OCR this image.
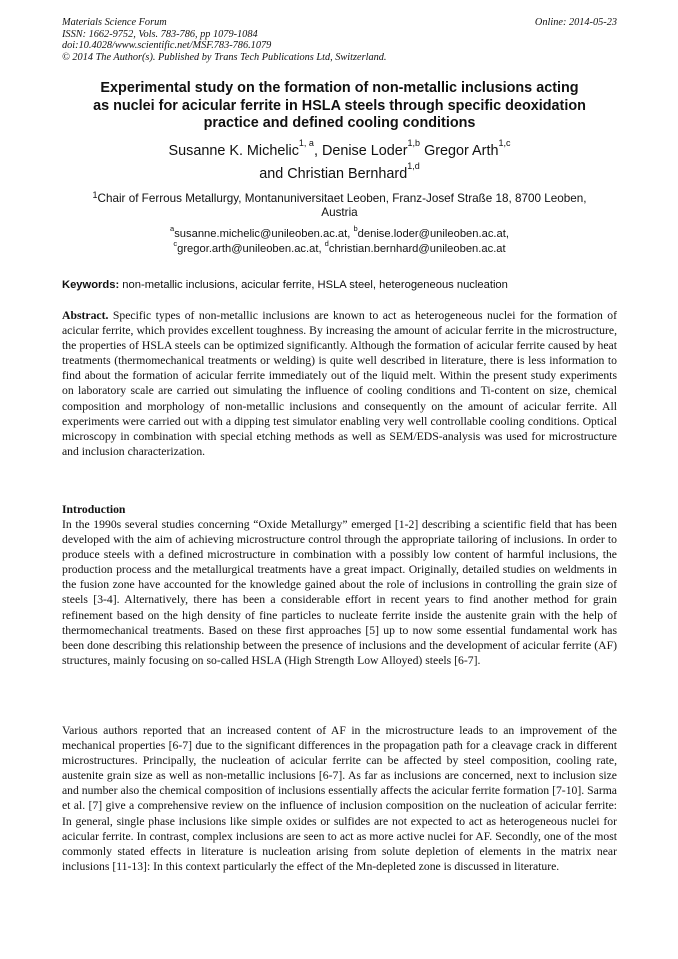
Materials Science Forum	Online: 2014-05-23
ISSN: 1662-9752, Vols. 783-786, pp 1079-1084
doi:10.4028/www.scientific.net/MSF.783-786.1079
© 2014 The Author(s). Published by Trans Tech Publications Ltd, Switzerland.
Experimental study on the formation of non-metallic inclusions acting
as nuclei for acicular ferrite in HSLA steels through specific deoxidation
practice and defined cooling conditions
Susanne K. Michelic$^{1, a}$, Denise Loder$^{1,b}$ Gregor Arth$^{1,c}$
and Christian Bernhard$^{1,d}$
$^1$Chair of Ferrous Metallurgy, Montanuniversitaet Leoben, Franz-Josef Straße 18, 8700 Leoben,
Austria
$^a$susanne.michelic@unileoben.ac.at, $^b$denise.loder@unileoben.ac.at,
$^c$gregor.arth@unileoben.ac.at, $^d$christian.bernhard@unileoben.ac.at
Keywords: non-metallic inclusions, acicular ferrite, HSLA steel, heterogeneous nucleation
Abstract. Specific types of non-metallic inclusions are known to act as heterogeneous nuclei for the formation of acicular ferrite, which provides excellent toughness. By increasing the amount of acicular ferrite in the microstructure, the properties of HSLA steels can be optimized significantly. Although the formation of acicular ferrite caused by heat treatments (thermomechanical treatments or welding) is quite well described in literature, there is less information to find about the formation of acicular ferrite immediately out of the liquid melt. Within the present study experiments on laboratory scale are carried out simulating the influence of cooling conditions and Ti-content on size, chemical composition and morphology of non-metallic inclusions and consequently on the amount of acicular ferrite. All experiments were carried out with a dipping test simulator enabling very well controllable cooling conditions. Optical microscopy in combination with special etching methods as well as SEM/EDS-analysis was used for microstructure and inclusion characterization.
Introduction
In the 1990s several studies concerning “Oxide Metallurgy” emerged [1-2] describing a scientific field that has been developed with the aim of achieving microstructure control through the appropriate tailoring of inclusions. In order to produce steels with a defined microstructure in combination with a possibly low content of harmful inclusions, the production process and the metallurgical treatments have a great impact. Originally, detailed studies on weldments in the fusion zone have accounted for the knowledge gained about the role of inclusions in controlling the grain size of steels [3-4]. Alternatively, there has been a considerable effort in recent years to find another method for grain refinement based on the high density of fine particles to nucleate ferrite inside the austenite grain with the help of thermomechanical treatments. Based on these first approaches [5] up to now some essential fundamental work has been done describing this relationship between the presence of inclusions and the development of acicular ferrite (AF) structures, mainly focusing on so-called HSLA (High Strength Low Alloyed) steels [6-7].
Various authors reported that an increased content of AF in the microstructure leads to an improvement of the mechanical properties [6-7] due to the significant differences in the propagation path for a cleavage crack in different microstructures. Principally, the nucleation of acicular ferrite can be affected by steel composition, cooling rate, austenite grain size as well as non-metallic inclusions [6-7]. As far as inclusions are concerned, next to inclusion size and number also the chemical composition of inclusions essentially affects the acicular ferrite formation [7-10]. Sarma et al. [7] give a comprehensive review on the influence of inclusion composition on the nucleation of acicular ferrite: In general, single phase inclusions like simple oxides or sulfides are not expected to act as heterogeneous nuclei for acicular ferrite. In contrast, complex inclusions are seen to act as more active nuclei for AF. Secondly, one of the most commonly stated effects in literature is nucleation arising from solute depletion of elements in the matrix near inclusions [11-13]: In this context particularly the effect of the Mn-depleted zone is discussed in literature.
